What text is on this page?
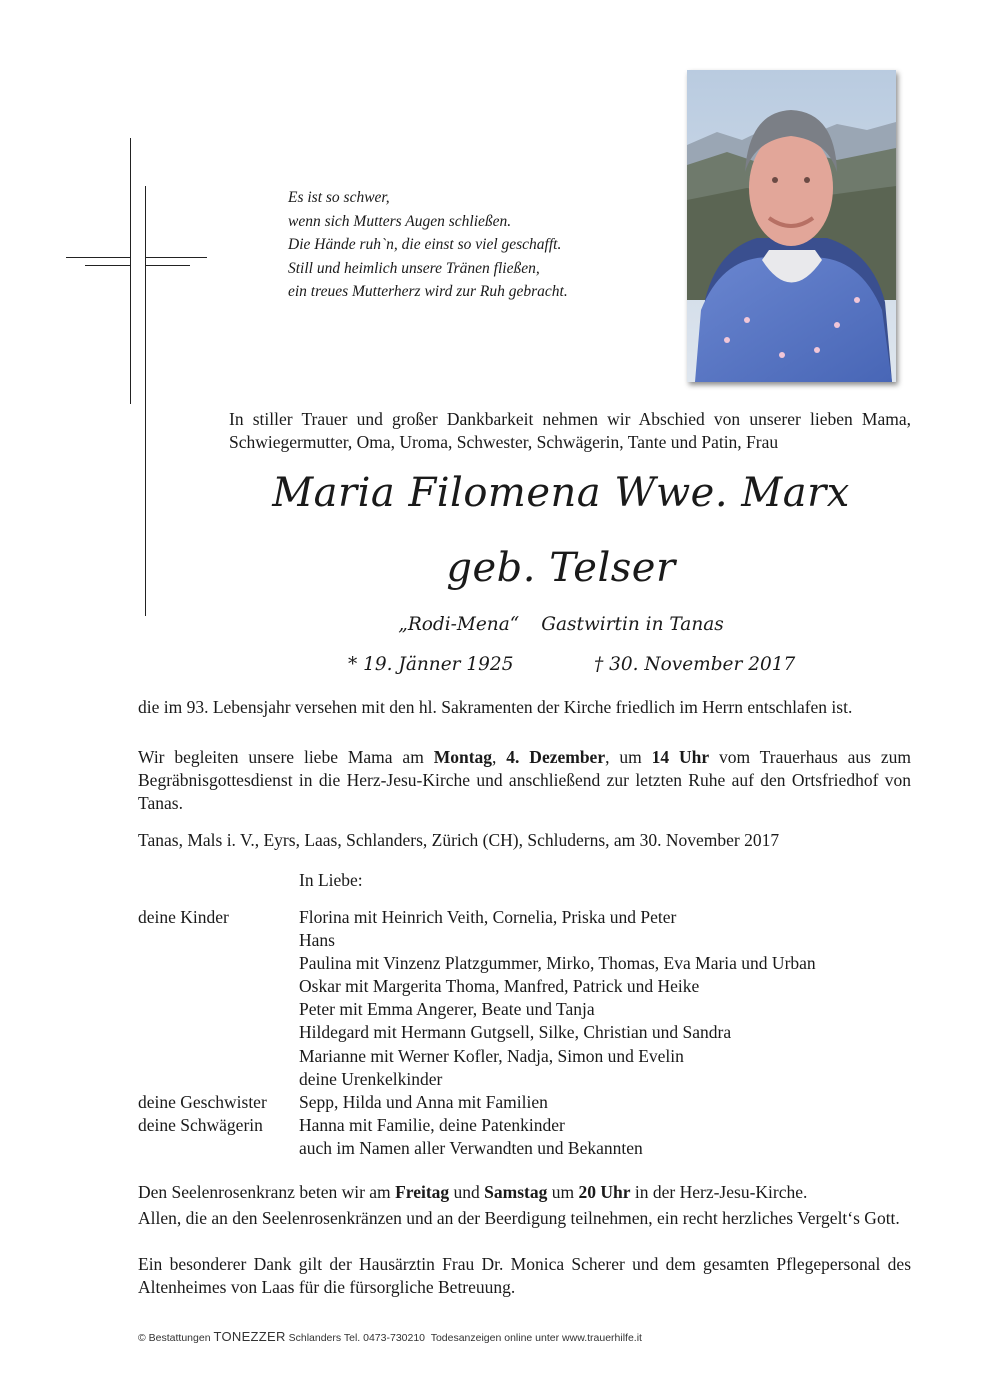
Es ist so schwer,
wenn sich Mutters Augen schließen.
Die Hände ruh`n, die einst so viel geschafft.
Still und heimlich unsere Tränen fließen,
ein treues Mutterherz wird zur Ruh gebracht.
In stiller Trauer und großer Dankbarkeit nehmen wir Abschied von unserer lieben Mama, Schwiegermutter, Oma, Uroma, Schwester, Schwägerin, Tante und Patin, Frau
Maria Filomena Wwe. Marx
geb. Telser
„Rodi-Mena“ Gastwirtin in Tanas
* 19. Jänner 1925	† 30. November 2017
die im 93. Lebensjahr versehen mit den hl. Sakramenten der Kirche friedlich im Herrn entschlafen ist.
Wir begleiten unsere liebe Mama am Montag, 4. Dezember, um 14 Uhr vom Trauerhaus aus zum Begräbnisgottesdienst in die Herz-Jesu-Kirche und anschließend zur letzten Ruhe auf den Ortsfriedhof von Tanas.
Tanas, Mals i. V., Eyrs, Laas, Schlanders, Zürich (CH), Schluderns, am 30. November 2017
In Liebe:
deine Kinder	Florina mit Heinrich Veith, Cornelia, Priska und Peter
Hans
Paulina mit Vinzenz Platzgummer, Mirko, Thomas, Eva Maria und Urban
Oskar mit Margerita Thoma, Manfred, Patrick und Heike
Peter mit Emma Angerer, Beate und Tanja
Hildegard mit Hermann Gutgsell, Silke, Christian und Sandra
Marianne mit Werner Kofler, Nadja, Simon und Evelin
deine Urenkelkinder
deine Geschwister	Sepp, Hilda und Anna mit Familien
deine Schwägerin	Hanna mit Familie, deine Patenkinder
auch im Namen aller Verwandten und Bekannten
Den Seelenrosenkranz beten wir am Freitag und Samstag um 20 Uhr in der Herz-Jesu-Kirche.
Allen, die an den Seelenrosenkränzen und an der Beerdigung teilnehmen, ein recht herzliches Vergelt‘s Gott.
Ein besonderer Dank gilt der Hausärztin Frau Dr. Monica Scherer und dem gesamten Pflegepersonal des Altenheimes von Laas für die fürsorgliche Betreuung.
© Bestattungen TONEZZER Schlanders Tel. 0473-730210 Todesanzeigen online unter www.trauerhilfe.it
